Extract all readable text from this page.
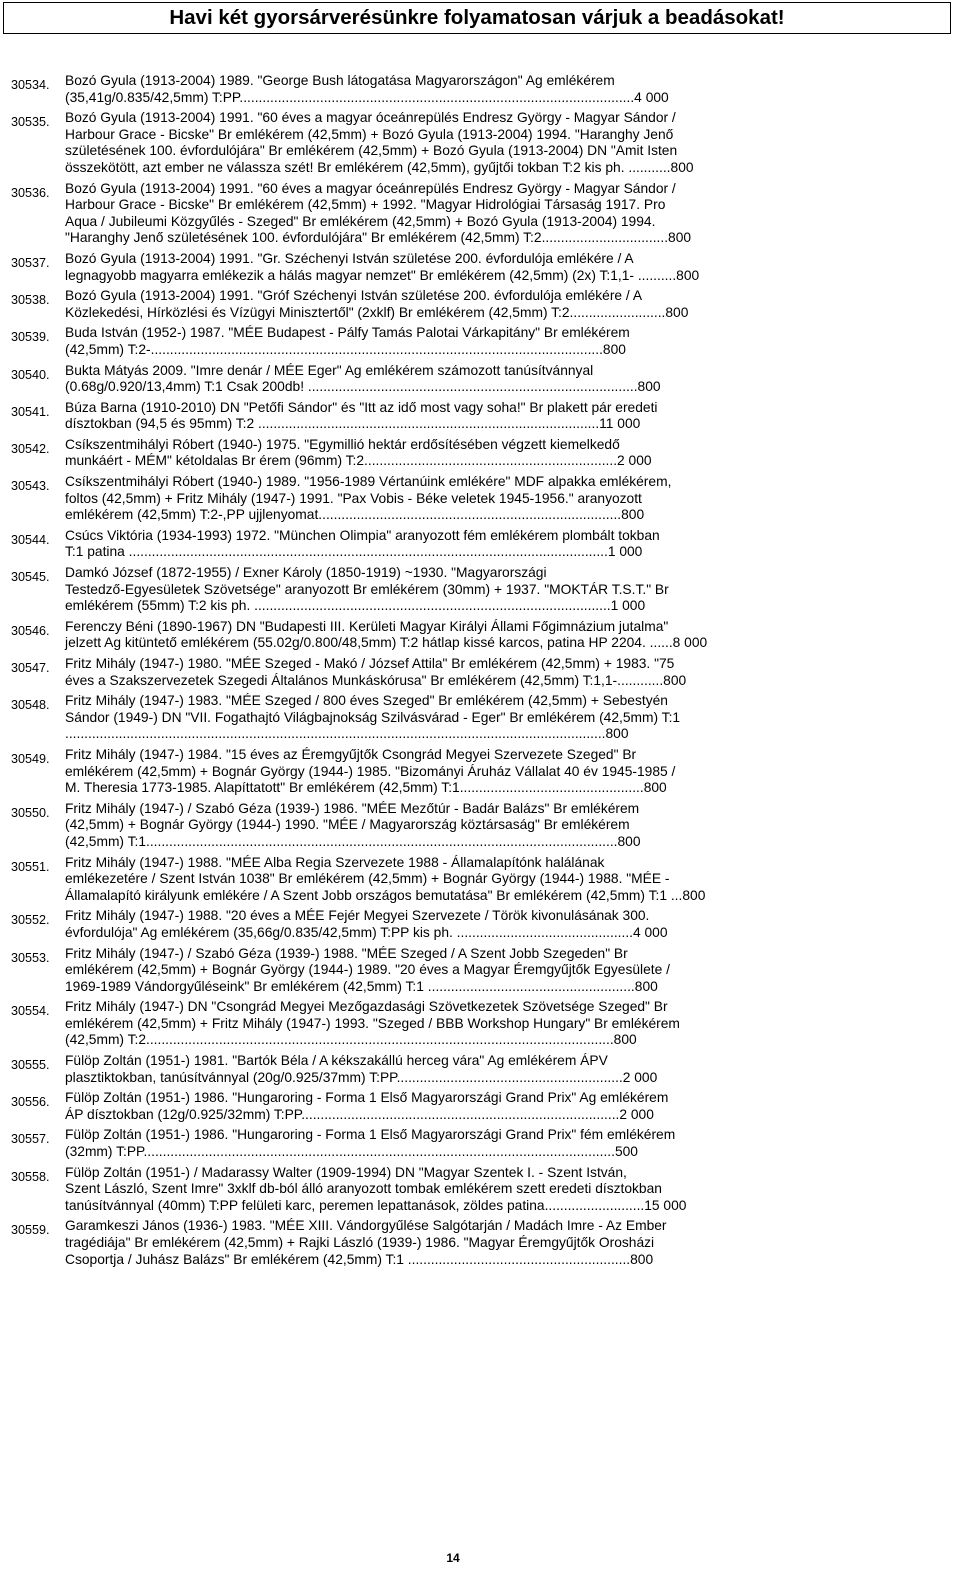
Havi két gyorsárverésünkre folyamatosan várjuk a beadásokat!
30534. Bozó Gyula (1913-2004) 1989. "George Bush látogatása Magyarországon" Ag emlékérem
(35,41g/0.835/42,5mm) T:PP.......................................................................................................4 000
30535. Bozó Gyula (1913-2004) 1991. "60 éves a magyar óceánrepülés Endresz György - Magyar Sándor /
Harbour Grace - Bicske" Br emlékérem (42,5mm) + Bozó Gyula (1913-2004) 1994. "Haranghy Jenő
születésének 100. évfordulójára" Br emlékérem (42,5mm) + Bozó Gyula (1913-2004) DN "Amit Isten
összekötött, azt ember ne válassza szét! Br emlékérem (42,5mm), gyűjtői tokban T:2 kis ph. ...........800
30536. Bozó Gyula (1913-2004) 1991. "60 éves a magyar óceánrepülés Endresz György - Magyar Sándor /
Harbour Grace - Bicske" Br emlékérem (42,5mm) + 1992. "Magyar Hidrológiai Társaság 1917. Pro
Aqua / Jubileumi Közgyűlés - Szeged" Br emlékérem (42,5mm) + Bozó Gyula (1913-2004) 1994.
"Haranghy Jenő születésének 100. évfordulójára" Br emlékérem (42,5mm) T:2.................................800
30537. Bozó Gyula (1913-2004) 1991. "Gr. Széchenyi István születése 200. évfordulója emlékére / A
legnagyobb magyarra emlékezik a hálás magyar nemzet" Br emlékérem (42,5mm) (2x) T:1,1- ..........800
30538. Bozó Gyula (1913-2004) 1991. "Gróf Széchenyi István születése 200. évfordulója emlékére / A
Közlekedési, Hírközlési és Vízügyi Minisztertől" (2xklf) Br emlékérem (42,5mm) T:2.........................800
30539. Buda István (1952-) 1987. "MÉE Budapest - Pálfy Tamás Palotai Várkapitány" Br emlékérem
(42,5mm) T:2-......................................................................................................................800
30540. Bukta Mátyás 2009. "Imre denár / MÉE Eger" Ag emlékérem számozott tanúsítvánnyal
(0.68g/0.920/13,4mm) T:1 Csak 200db! ......................................................................................800
30541. Búza Barna (1910-2010) DN "Petőfi Sándor" és "Itt az idő most vagy soha!" Br plakett pár eredeti
dísztokban (94,5 és 95mm) T:2 .........................................................................................11 000
30542. Csíkszentmihályi Róbert (1940-) 1975. "Egymillió hektár erdősítésében végzett kiemelkedő
munkáért - MÉM" kétoldalas Br érem (96mm) T:2..................................................................2 000
30543. Csíkszentmihályi Róbert (1940-) 1989. "1956-1989 Vértanúink emlékére" MDF alpakka emlékérem,
foltos (42,5mm) + Fritz Mihály (1947-) 1991. "Pax Vobis - Béke veletek 1945-1956." aranyozott
emlékérem (42,5mm) T:2-,PP ujjlenyomat...............................................................................800
30544. Csúcs Viktória (1934-1993) 1972. "München Olimpia" aranyozott fém emlékérem plombált tokban
T:1 patina .............................................................................................................................1 000
30545. Damkó József (1872-1955) / Exner Károly (1850-1919) ~1930. "Magyarországi
Testedző-Egyesületek Szövetsége" aranyozott Br emlékérem (30mm) + 1937. "MOKTÁR T.S.T." Br
emlékérem (55mm) T:2 kis ph. .............................................................................................1 000
30546. Ferenczy Béni (1890-1967) DN "Budapesti III. Kerületi Magyar Királyi Állami Főgimnázium jutalma"
jelzett Ag kitüntető emlékérem (55.02g/0.800/48,5mm) T:2 hátlap kissé karcos, patina HP 2204. ......8 000
30547. Fritz Mihály (1947-) 1980. "MÉE Szeged - Makó / József Attila" Br emlékérem (42,5mm) + 1983. "75
éves a Szakszervezetek Szegedi Általános Munkáskórusa" Br emlékérem (42,5mm) T:1,1-............800
30548. Fritz Mihály (1947-) 1983. "MÉE Szeged / 800 éves Szeged" Br emlékérem (42,5mm) + Sebestyén
Sándor (1949-) DN "VII. Fogathajtó Világbajnokság Szilvásvárad - Eger" Br emlékérem (42,5mm) T:1
.............................................................................................................................................800
30549. Fritz Mihály (1947-) 1984. "15 éves az Éremgyűjtők Csongrád Megyei Szervezete Szeged" Br
emlékérem (42,5mm) + Bognár György (1944-) 1985. "Bizományi Áruház Vállalat 40 év 1945-1985 /
M. Theresia 1773-1985. Alapíttatott" Br emlékérem (42,5mm) T:1................................................800
30550. Fritz Mihály (1947-) / Szabó Géza (1939-) 1986. "MÉE Mezőtúr - Badár Balázs" Br emlékérem
(42,5mm) + Bognár György (1944-) 1990. "MÉE / Magyarország köztársaság" Br emlékérem
(42,5mm) T:1...........................................................................................................................800
30551. Fritz Mihály (1947-) 1988. "MÉE Alba Regia Szervezete 1988 - Államalapítónk halálának
emlékezetére / Szent István 1038" Br emlékérem (42,5mm) + Bognár György (1944-) 1988. "MÉE -
Államalapító királyunk emlékére / A Szent Jobb országos bemutatása" Br emlékérem (42,5mm) T:1 ...800
30552. Fritz Mihály (1947-) 1988. "20 éves a MÉE Fejér Megyei Szervezete / Török kivonulásának 300.
évfordulója" Ag emlékérem (35,66g/0.835/42,5mm) T:PP kis ph. ..............................................4 000
30553. Fritz Mihály (1947-) / Szabó Géza (1939-) 1988. "MÉE Szeged / A Szent Jobb Szegeden" Br
emlékérem (42,5mm) + Bognár György (1944-) 1989. "20 éves a Magyar Éremgyűjtők Egyesülete /
1969-1989 Vándorgyűléseink" Br emlékérem (42,5mm) T:1 ......................................................800
30554. Fritz Mihály (1947-) DN "Csongrád Megyei Mezőgazdasági Szövetkezetek Szövetsége Szeged" Br
emlékérem (42,5mm) + Fritz Mihály (1947-) 1993. "Szeged / BBB Workshop Hungary" Br emlékérem
(42,5mm) T:2..........................................................................................................................800
30555. Fülöp Zoltán (1951-) 1981. "Bartók Béla / A kékszakállú herceg vára" Ag emlékérem ÁPV
plasztiktokban, tanúsítvánnyal (20g/0.925/37mm) T:PP...........................................................2 000
30556. Fülöp Zoltán (1951-) 1986. "Hungaroring - Forma 1 Első Magyarországi Grand Prix" Ag emlékérem
ÁP dísztokban (12g/0.925/32mm) T:PP...................................................................................2 000
30557. Fülöp Zoltán (1951-) 1986. "Hungaroring - Forma 1 Első Magyarországi Grand Prix" fém emlékérem
(32mm) T:PP...........................................................................................................................500
30558. Fülöp Zoltán (1951-) / Madarassy Walter (1909-1994) DN "Magyar Szentek I. - Szent István,
Szent László, Szent Imre" 3xklf db-ból álló aranyozott tombak emlékérem szett eredeti dísztokban
tanúsítvánnyal (40mm) T:PP felületi karc, peremen lepattanások, zöldes patina..........................15 000
30559. Garamkeszi János (1936-) 1983. "MÉE XIII. Vándorgyűlése Salgótarján / Madách Imre - Az Ember
tragédiája" Br emlékérem (42,5mm) + Rajki László (1939-) 1986. "Magyar Éremgyűjtők Orosházi
Csoportja / Juhász Balázs" Br emlékérem (42,5mm) T:1 ..........................................................800
14
